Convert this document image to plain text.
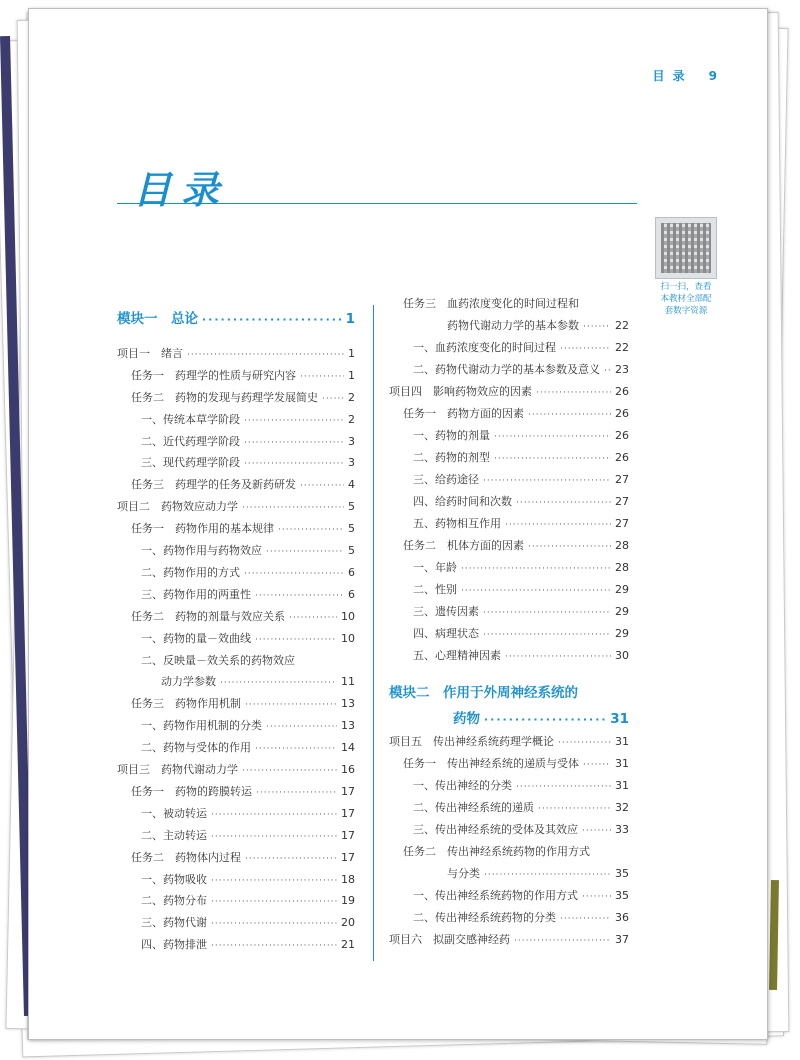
目 录 9
目录
扫一扫，查看
本教材全部配
套数字资源
模块一　总论 ·····	1
项目一　绪言 ·····	1
任务一　药理学的性质与研究内容 ·····	1
任务二　药物的发现与药理学发展简史 ·····	2
一、传统本草学阶段 ·····	2
二、近代药理学阶段 ·····	3
三、现代药理学阶段 ·····	3
任务三　药理学的任务及新药研发 ·····	4
项目二　药物效应动力学 ·····	5
任务一　药物作用的基本规律 ·····	5
一、药物作用与药物效应 ·····	5
二、药物作用的方式 ·····	6
三、药物作用的两重性 ·····	6
任务二　药物的剂量与效应关系 ·····	10
一、药物的量－效曲线 ·····	10
二、反映量－效关系的药物效应
动力学参数 ·····	11
任务三　药物作用机制 ·····	13
一、药物作用机制的分类 ·····	13
二、药物与受体的作用 ·····	14
项目三　药物代谢动力学 ·····	16
任务一　药物的跨膜转运 ·····	17
一、被动转运 ·····	17
二、主动转运 ·····	17
任务二　药物体内过程 ·····	17
一、药物吸收 ·····	18
二、药物分布 ·····	19
三、药物代谢 ·····	20
四、药物排泄 ·····	21
任务三　血药浓度变化的时间过程和
药物代谢动力学的基本参数 ·····	22
一、血药浓度变化的时间过程 ·····	22
二、药物代谢动力学的基本参数及意义 ····· 23
项目四　影响药物效应的因素 ·····	26
任务一　药物方面的因素 ·····	26
一、药物的剂量 ·····	26
二、药物的剂型 ·····	26
三、给药途径 ·····	27
四、给药时间和次数 ·····	27
五、药物相互作用 ·····	27
任务二　机体方面的因素 ·····	28
一、年龄 ·····	28
二、性别 ·····	29
三、遗传因素 ·····	29
四、病理状态 ·····	29
五、心理精神因素 ·····	30
模块二　作用于外周神经系统的
药物 ·····	31
项目五　传出神经系统药理学概论 ·····	31
任务一　传出神经系统的递质与受体 ·····	31
一、传出神经的分类 ·····	31
二、传出神经系统的递质 ·····	32
三、传出神经系统的受体及其效应 ·····	33
任务二　传出神经系统药物的作用方式
与分类 ·····	35
一、传出神经系统药物的作用方式 ·····	35
二、传出神经系统药物的分类 ·····	36
项目六　拟副交感神经药 ·····	37
